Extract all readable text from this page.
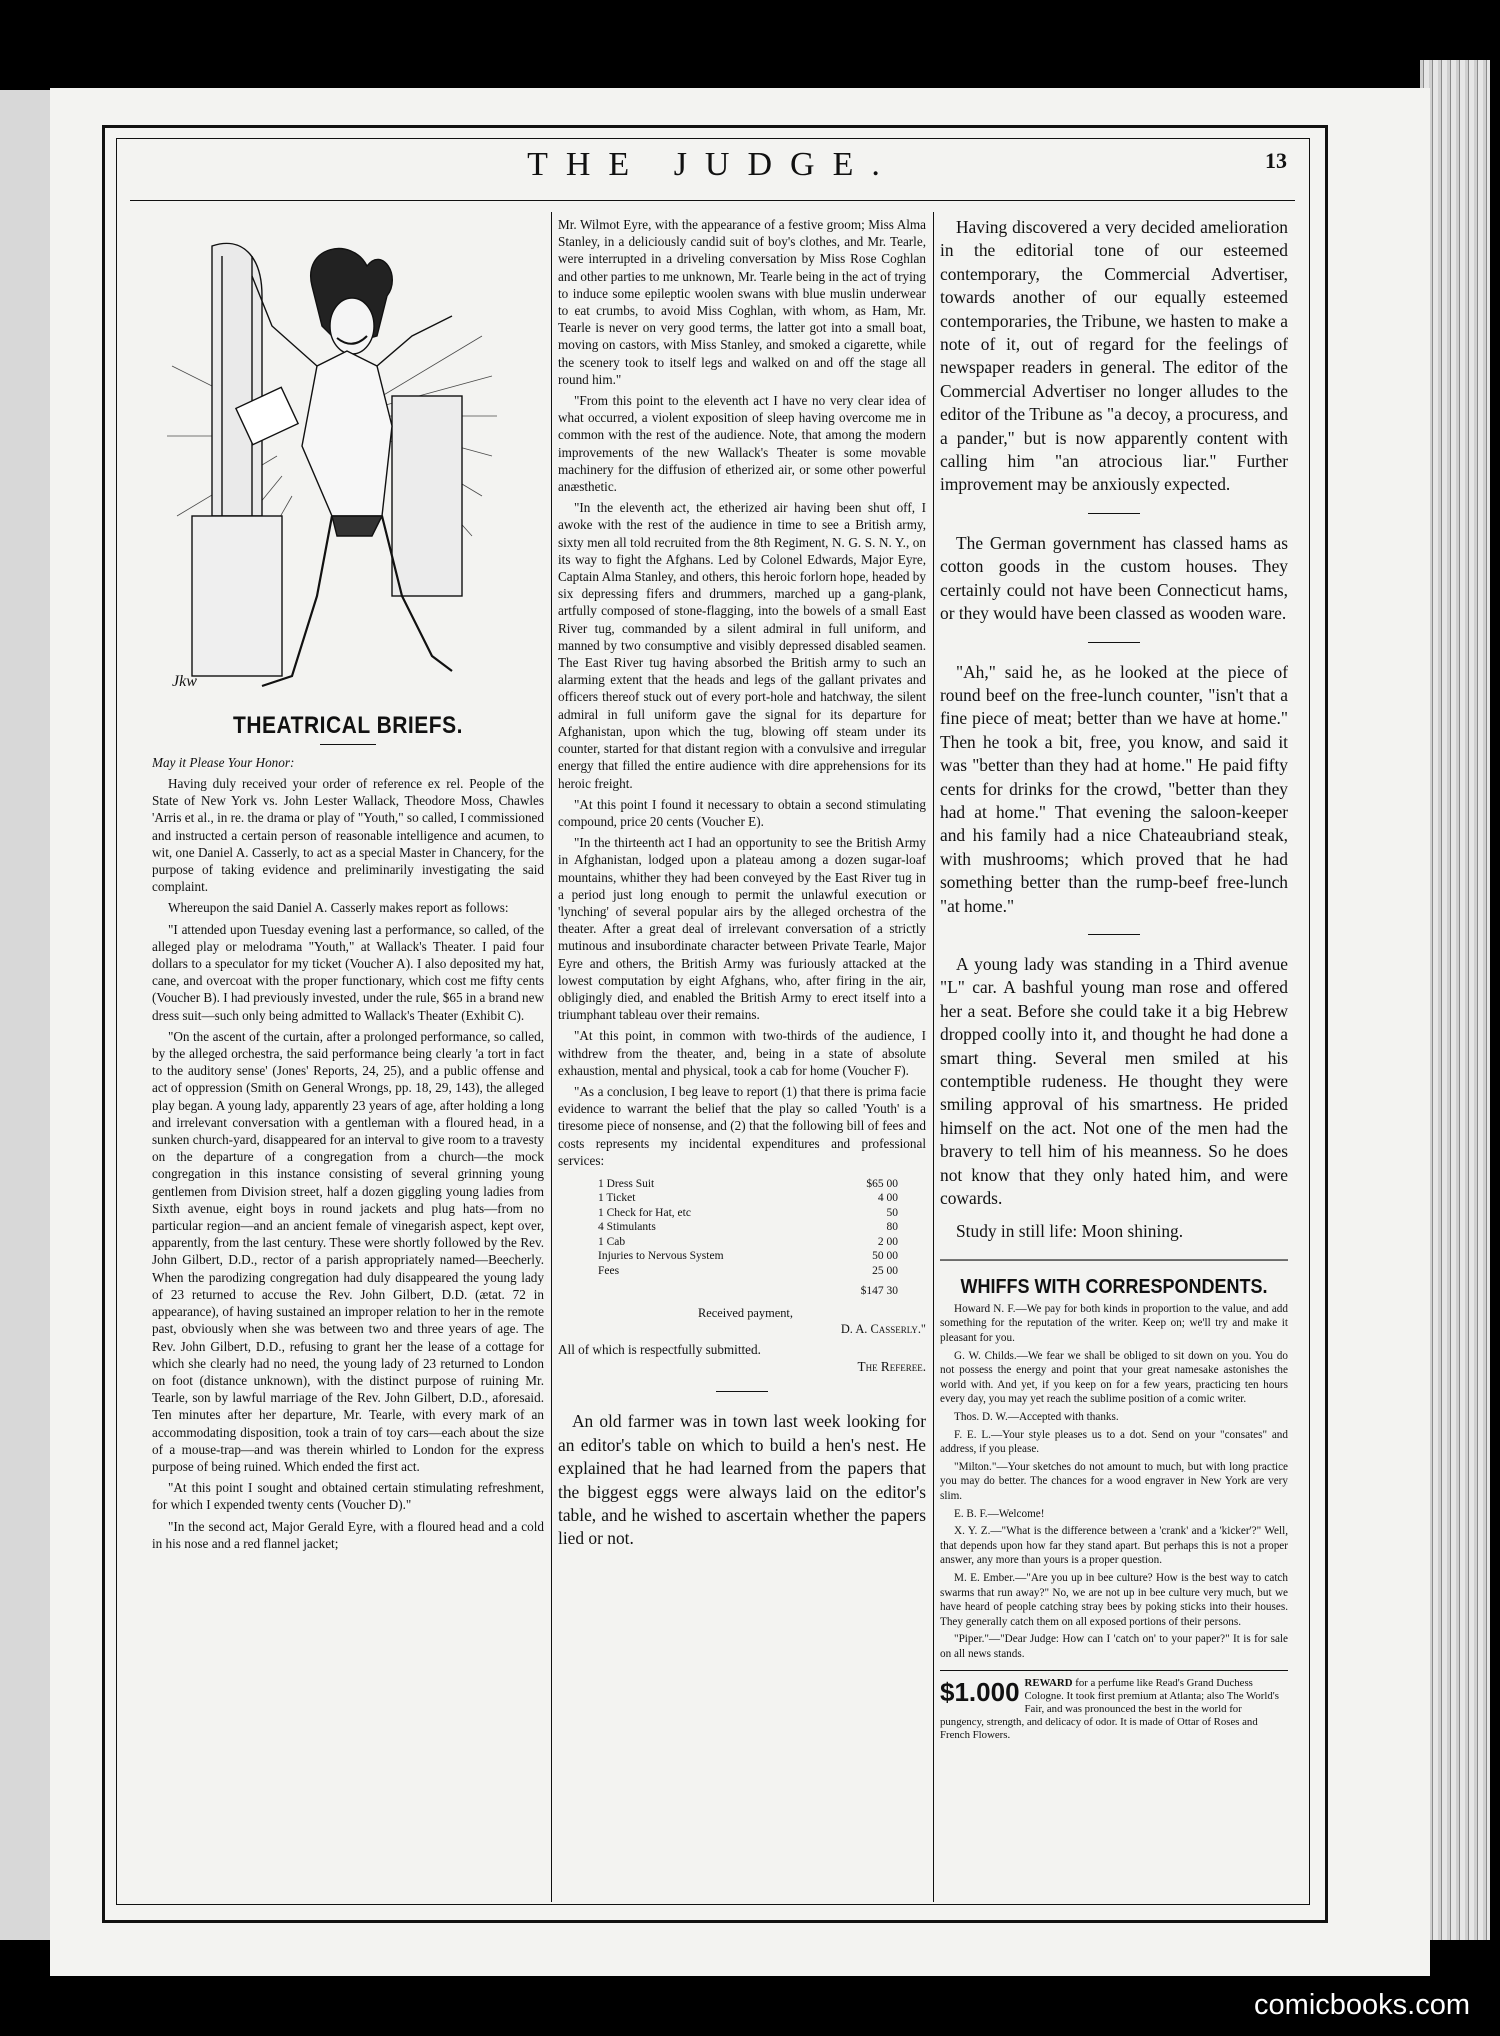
THE JUDGE.	13
Jkw
THEATRICAL BRIEFS.
May it Please Your Honor:

Having duly received your order of reference ex rel. People of the State of New York vs. John Lester Wallack, Theodore Moss, Chawles 'Arris et al., in re. the drama or play of "Youth," so called, I commissioned and instructed a certain person of reasonable intelligence and acumen, to wit, one Daniel A. Casserly, to act as a special Master in Chancery, for the purpose of taking evidence and preliminarily investigating the said complaint.

Whereupon the said Daniel A. Casserly makes report as follows:

"I attended upon Tuesday evening last a performance, so called, of the alleged play or melodrama "Youth," at Wallack's Theater. I paid four dollars to a speculator for my ticket (Voucher A). I also deposited my hat, cane, and overcoat with the proper functionary, which cost me fifty cents (Voucher B). I had previously invested, under the rule, $65 in a brand new dress suit—such only being admitted to Wallack's Theater (Exhibit C).

"On the ascent of the curtain, after a prolonged performance, so called, by the alleged orchestra, the said performance being clearly 'a tort in fact to the auditory sense' (Jones' Reports, 24, 25), and a public offense and act of oppression (Smith on General Wrongs, pp. 18, 29, 143), the alleged play began. A young lady, apparently 23 years of age, after holding a long and irrelevant conversation with a gentleman with a floured head, in a sunken church-yard, disappeared for an interval to give room to a travesty on the departure of a congregation from a church—the mock congregation in this instance consisting of several grinning young gentlemen from Division street, half a dozen giggling young ladies from Sixth avenue, eight boys in round jackets and plug hats—from no particular region—and an ancient female of vinegarish aspect, kept over, apparently, from the last century. These were shortly followed by the Rev. John Gilbert, D.D., rector of a parish appropriately named—Beecherly. When the parodizing congregation had duly disappeared the young lady of 23 returned to accuse the Rev. John Gilbert, D.D. (ætat. 72 in appearance), of having sustained an improper relation to her in the remote past, obviously when she was between two and three years of age. The Rev. John Gilbert, D.D., refusing to grant her the lease of a cottage for which she clearly had no need, the young lady of 23 returned to London on foot (distance unknown), with the distinct purpose of ruining Mr. Tearle, son by lawful marriage of the Rev. John Gilbert, D.D., aforesaid. Ten minutes after her departure, Mr. Tearle, with every mark of an accommodating disposition, took a train of toy cars—each about the size of a mouse-trap—and was therein whirled to London for the express purpose of being ruined. Which ended the first act.

"At this point I sought and obtained certain stimulating refreshment, for which I expended twenty cents (Voucher D)."

"In the second act, Major Gerald Eyre, with a floured head and a cold in his nose and a red flannel jacket;

Mr. Wilmot Eyre, with the appearance of a festive groom; Miss Alma Stanley, in a deliciously candid suit of boy's clothes, and Mr. Tearle, were interrupted in a driveling conversation by Miss Rose Coghlan and other parties to me unknown, Mr. Tearle being in the act of trying to induce some epileptic woolen swans with blue muslin underwear to eat crumbs, to avoid Miss Coghlan, with whom, as Ham, Mr. Tearle is never on very good terms, the latter got into a small boat, moving on castors, with Miss Stanley, and smoked a cigarette, while the scenery took to itself legs and walked on and off the stage all round him."

"From this point to the eleventh act I have no very clear idea of what occurred, a violent exposition of sleep having overcome me in common with the rest of the audience. Note, that among the modern improvements of the new Wallack's Theater is some movable machinery for the diffusion of etherized air, or some other powerful anæsthetic.

"In the eleventh act, the etherized air having been shut off, I awoke with the rest of the audience in time to see a British army, sixty men all told recruited from the 8th Regiment, N. G. S. N. Y., on its way to fight the Afghans. Led by Colonel Edwards, Major Eyre, Captain Alma Stanley, and others, this heroic forlorn hope, headed by six depressing fifers and drummers, marched up a gang-plank, artfully composed of stone-flagging, into the bowels of a small East River tug, commanded by a silent admiral in full uniform, and manned by two consumptive and visibly depressed disabled seamen. The East River tug having absorbed the British army to such an alarming extent that the heads and legs of the gallant privates and officers thereof stuck out of every port-hole and hatchway, the silent admiral in full uniform gave the signal for its departure for Afghanistan, upon which the tug, blowing off steam under its counter, started for that distant region with a convulsive and irregular energy that filled the entire audience with dire apprehensions for its heroic freight.

"At this point I found it necessary to obtain a second stimulating compound, price 20 cents (Voucher E).

"In the thirteenth act I had an opportunity to see the British Army in Afghanistan, lodged upon a plateau among a dozen sugar-loaf mountains, whither they had been conveyed by the East River tug in a period just long enough to permit the unlawful execution or 'lynching' of several popular airs by the alleged orchestra of the theater. After a great deal of irrelevant conversation of a strictly mutinous and insubordinate character between Private Tearle, Major Eyre and others, the British Army was furiously attacked at the lowest computation by eight Afghans, who, after firing in the air, obligingly died, and enabled the British Army to erect itself into a triumphant tableau over their remains.

"At this point, in common with two-thirds of the audience, I withdrew from the theater, and, being in a state of absolute exhaustion, mental and physical, took a cab for home (Voucher F).

"As a conclusion, I beg leave to report (1) that there is prima facie evidence to warrant the belief that the play so called 'Youth' is a tiresome piece of nonsense, and (2) that the following bill of fees and costs represents my incidental expenditures and professional services:

1 Dress Suit	$65 00
1 Ticket	4 00
1 Check for Hat, etc	50
4 Stimulants	80
1 Cab	2 00
Injuries to Nervous System	50 00
Fees	25 00
$147 30
Received payment,
D. A. Casserly."
All of which is respectfully submitted.
The Referee.

An old farmer was in town last week looking for an editor's table on which to build a hen's nest. He explained that he had learned from the papers that the biggest eggs were always laid on the editor's table, and he wished to ascertain whether the papers lied or not.

Having discovered a very decided amelioration in the editorial tone of our esteemed contemporary, the Commercial Advertiser, towards another of our equally esteemed contemporaries, the Tribune, we hasten to make a note of it, out of regard for the feelings of newspaper readers in general. The editor of the Commercial Advertiser no longer alludes to the editor of the Tribune as "a decoy, a procuress, and a pander," but is now apparently content with calling him "an atrocious liar." Further improvement may be anxiously expected.

The German government has classed hams as cotton goods in the custom houses. They certainly could not have been Connecticut hams, or they would have been classed as wooden ware.

"Ah," said he, as he looked at the piece of round beef on the free-lunch counter, "isn't that a fine piece of meat; better than we have at home." Then he took a bit, free, you know, and said it was "better than they had at home." He paid fifty cents for drinks for the crowd, "better than they had at home." That evening the saloon-keeper and his family had a nice Chateaubriand steak, with mushrooms; which proved that he had something better than the rump-beef free-lunch "at home."

A young lady was standing in a Third avenue "L" car. A bashful young man rose and offered her a seat. Before she could take it a big Hebrew dropped coolly into it, and thought he had done a smart thing. Several men smiled at his contemptible rudeness. He thought they were smiling approval of his smartness. He prided himself on the act. Not one of the men had the bravery to tell him of his meanness. So he does not know that they only hated him, and were cowards.

Study in still life: Moon shining.

WHIFFS WITH CORRESPONDENTS.

Howard N. F.—We pay for both kinds in proportion to the value, and add something for the reputation of the writer. Keep on; we'll try and make it pleasant for you.

G. W. Childs.—We fear we shall be obliged to sit down on you. You do not possess the energy and point that your great namesake astonishes the world with. And yet, if you keep on for a few years, practicing ten hours every day, you may yet reach the sublime position of a comic writer.

Thos. D. W.—Accepted with thanks.

F. E. L.—Your style pleases us to a dot. Send on your "consates" and address, if you please.

"Milton."—Your sketches do not amount to much, but with long practice you may do better. The chances for a wood engraver in New York are very slim.

E. B. F.—Welcome!

X. Y. Z.—"What is the difference between a 'crank' and a 'kicker'?" Well, that depends upon how far they stand apart. But perhaps this is not a proper answer, any more than yours is a proper question.

M. E. Ember.—"Are you up in bee culture? How is the best way to catch swarms that run away?" No, we are not up in bee culture very much, but we have heard of people catching stray bees by poking sticks into their houses. They generally catch them on all exposed portions of their persons.

"Piper."—"Dear Judge: How can I 'catch on' to your paper?" It is for sale on all news stands.

$1.000 REWARD for a perfume like Read's Grand Duchess Cologne. It took first premium at Atlanta; also The World's Fair, and was pronounced the best in the world for pungency, strength, and delicacy of odor. It is made of Ottar of Roses and French Flowers.
comicbooks.com
